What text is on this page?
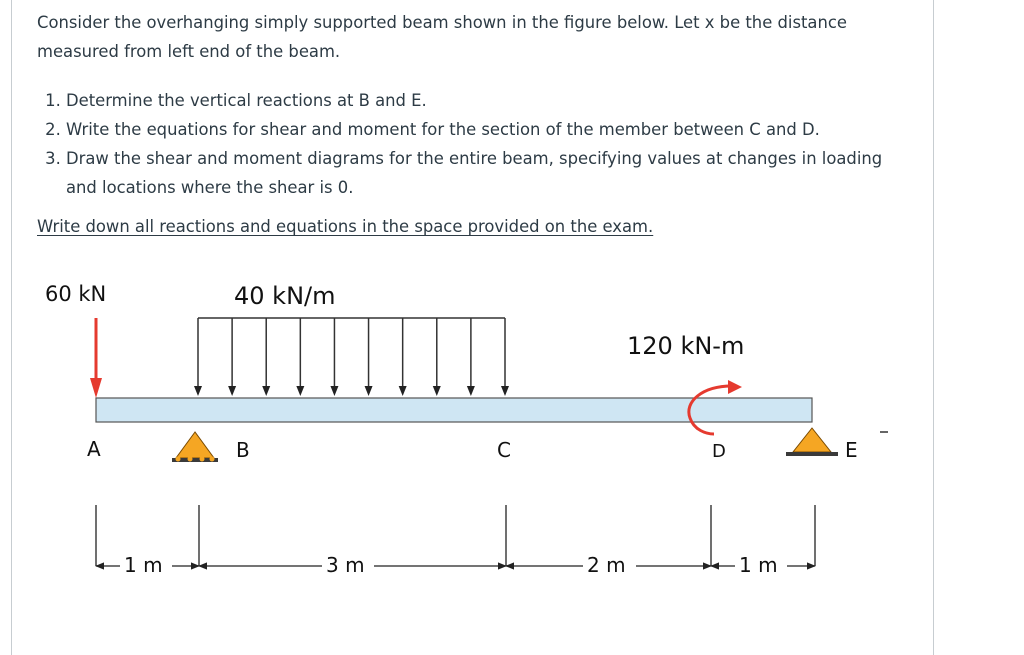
Consider the overhanging simply supported beam shown in the figure below. Let x be the distance measured from left end of the beam.

1. Determine the vertical reactions at B and E.
2. Write the equations for shear and moment for the section of the member between C and D.
3. Draw the shear and moment diagrams for the entire beam, specifying values at changes in loading and locations where the shear is 0.

Write down all reactions and equations in the space provided on the exam.

60 kN	40 kN/m
120 kN-m
A	B	C	D	E
1 m	3 m	2 m	1 m
